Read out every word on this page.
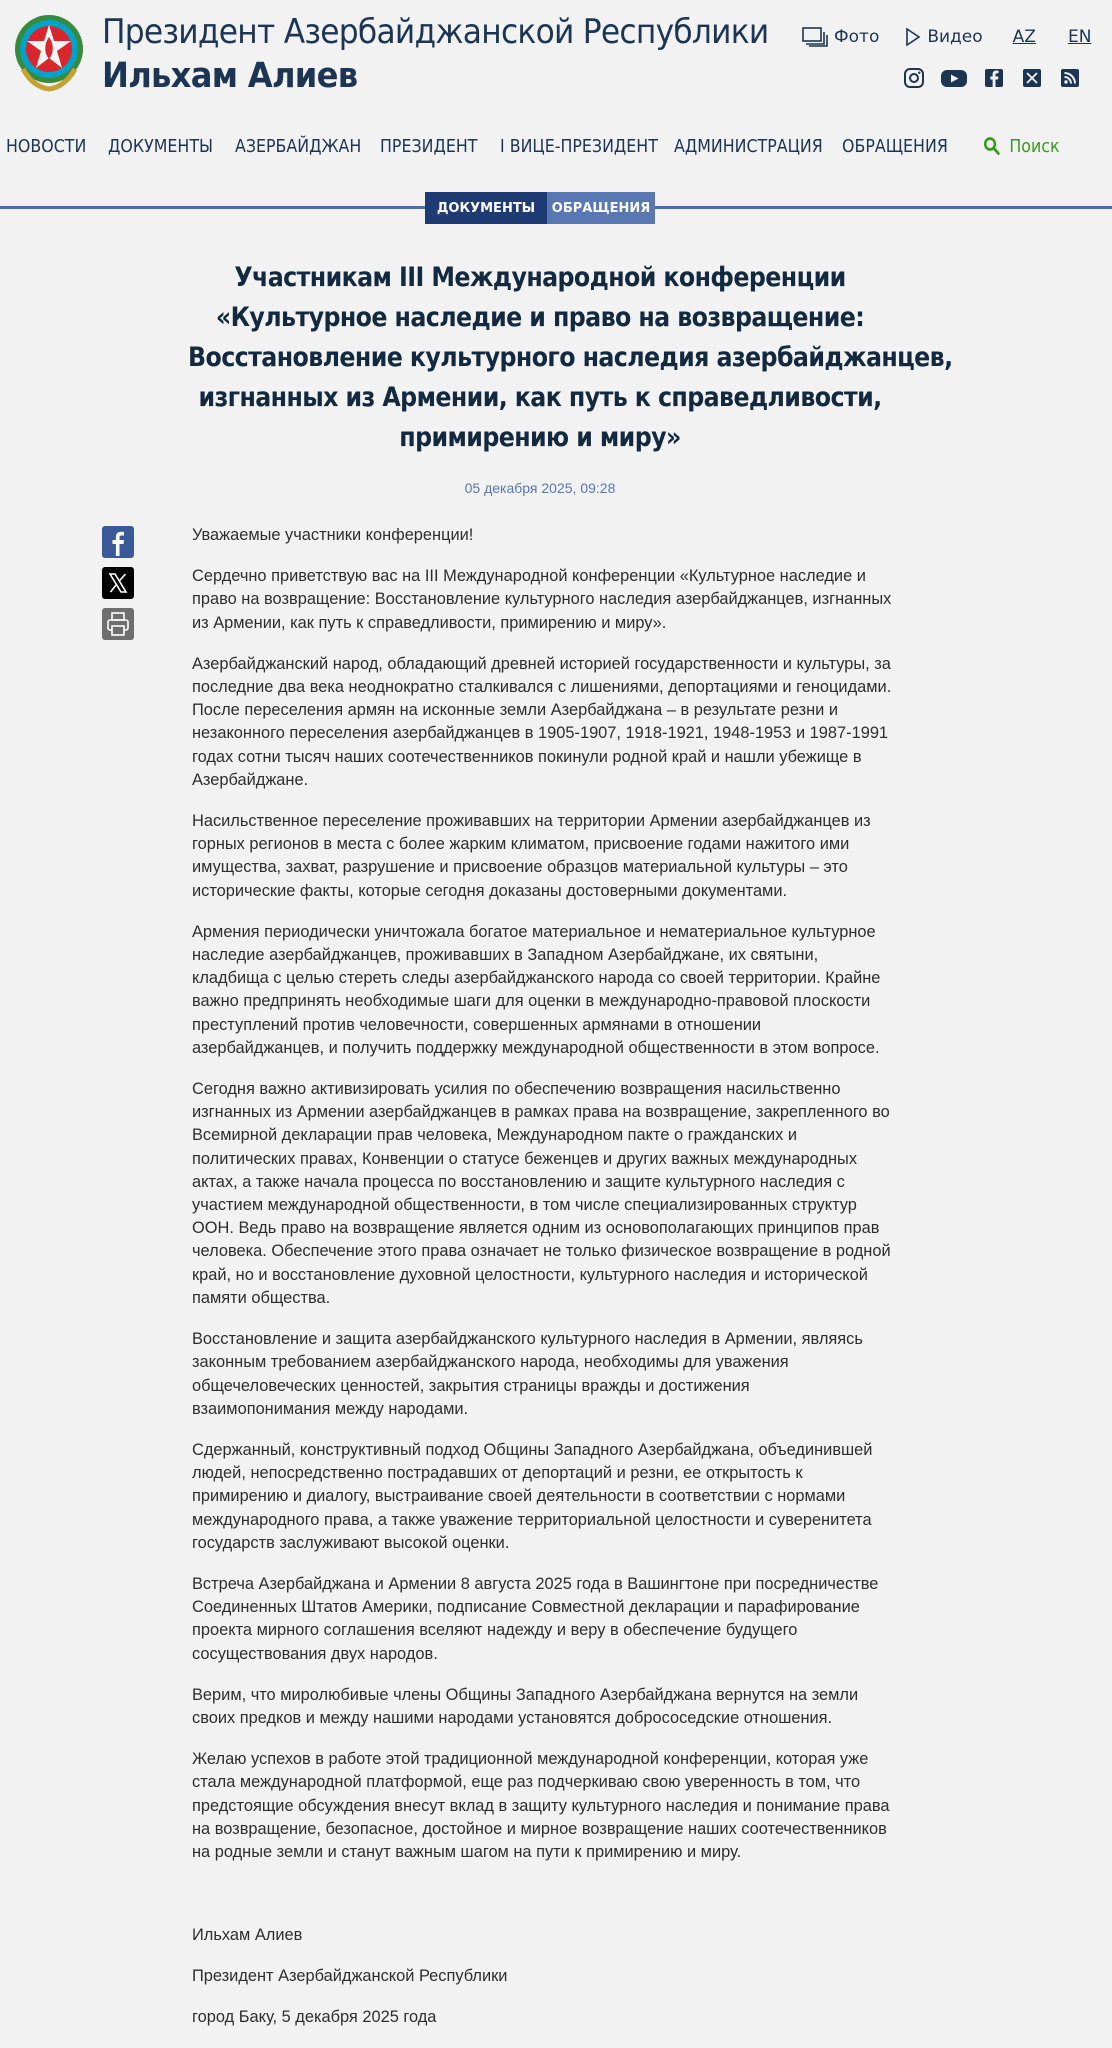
Президент Азербайджанской Республики
Ильхам Алиев
Фото	Видео AZ EN
НОВОСТИ ДОКУМЕНТЫ АЗЕРБАЙДЖАН ПРЕЗИДЕНТ I ВИЦЕ-ПРЕЗИДЕНТ АДМИНИСТРАЦИЯ ОБРАЩЕНИЯ	Поиск
ДОКУМЕНТЫ	ОБРАЩЕНИЯ
Участникам III Международной конференции
«Культурное наследие и право на возвращение:
Восстановление культурного наследия азербайджанцев,
изгнанных из Армении, как путь к справедливости,
примирению и миру»
05 декабря 2025, 09:28

Уважаемые участники конференции!

Сердечно приветствую вас на III Международной конференции «Культурное наследие и право на возвращение: Восстановление культурного наследия азербайджанцев, изгнанных из Армении, как путь к справедливости, примирению и миру».

Азербайджанский народ, обладающий древней историей государственности и культуры, за последние два века неоднократно сталкивался с лишениями, депортациями и геноцидами. После переселения армян на исконные земли Азербайджана – в результате резни и незаконного переселения азербайджанцев в 1905-1907, 1918-1921, 1948-1953 и 1987-1991 годах сотни тысяч наших соотечественников покинули родной край и нашли убежище в Азербайджане.

Насильственное переселение проживавших на территории Армении азербайджанцев из горных регионов в места с более жарким климатом, присвоение годами нажитого ими имущества, захват, разрушение и присвоение образцов материальной культуры – это исторические факты, которые сегодня доказаны достоверными документами.

Армения периодически уничтожала богатое материальное и нематериальное культурное наследие азербайджанцев, проживавших в Западном Азербайджане, их святыни, кладбища с целью стереть следы азербайджанского народа со своей территории. Крайне важно предпринять необходимые шаги для оценки в международно-правовой плоскости преступлений против человечности, совершенных армянами в отношении азербайджанцев, и получить поддержку международной общественности в этом вопросе.

Сегодня важно активизировать усилия по обеспечению возвращения насильственно изгнанных из Армении азербайджанцев в рамках права на возвращение, закрепленного во Всемирной декларации прав человека, Международном пакте о гражданских и политических правах, Конвенции о статусе беженцев и других важных международных актах, а также начала процесса по восстановлению и защите культурного наследия с участием международной общественности, в том числе специализированных структур ООН. Ведь право на возвращение является одним из основополагающих принципов прав человека. Обеспечение этого права означает не только физическое возвращение в родной край, но и восстановление духовной целостности, культурного наследия и исторической памяти общества.

Восстановление и защита азербайджанского культурного наследия в Армении, являясь законным требованием азербайджанского народа, необходимы для уважения общечеловеческих ценностей, закрытия страницы вражды и достижения взаимопонимания между народами.

Сдержанный, конструктивный подход Общины Западного Азербайджана, объединившей людей, непосредственно пострадавших от депортаций и резни, ее открытость к примирению и диалогу, выстраивание своей деятельности в соответствии с нормами международного права, а также уважение территориальной целостности и суверенитета государств заслуживают высокой оценки.

Встреча Азербайджана и Армении 8 августа 2025 года в Вашингтоне при посредничестве Соединенных Штатов Америки, подписание Совместной декларации и парафирование проекта мирного соглашения вселяют надежду и веру в обеспечение будущего сосуществования двух народов.

Верим, что миролюбивые члены Общины Западного Азербайджана вернутся на земли своих предков и между нашими народами установятся добрососедские отношения.

Желаю успехов в работе этой традиционной международной конференции, которая уже стала международной платформой, еще раз подчеркиваю свою уверенность в том, что предстоящие обсуждения внесут вклад в защиту культурного наследия и понимание права на возвращение, безопасное, достойное и мирное возвращение наших соотечественников на родные земли и станут важным шагом на пути к примирению и миру.

Ильхам Алиев
Президент Азербайджанской Республики
город Баку, 5 декабря 2025 года
